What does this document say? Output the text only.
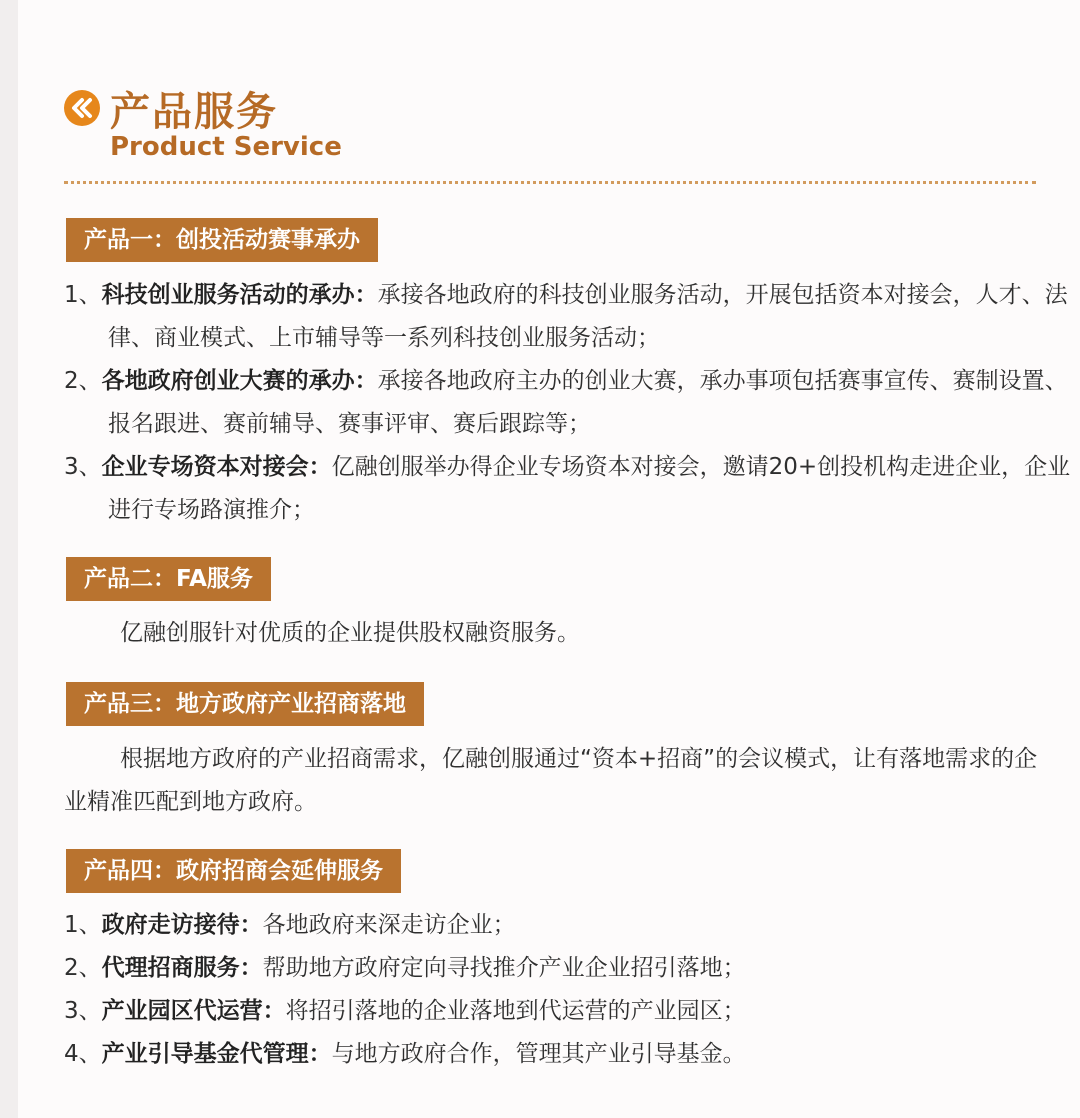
产品服务
Product Service
产品一：创投活动赛事承办
1、科技创业服务活动的承办：承接各地政府的科技创业服务活动，开展包括资本对接会，人才、法律、商业模式、上市辅导等一系列科技创业服务活动；
2、各地政府创业大赛的承办：承接各地政府主办的创业大赛，承办事项包括赛事宣传、赛制设置、报名跟进、赛前辅导、赛事评审、赛后跟踪等；
3、企业专场资本对接会：亿融创服举办得企业专场资本对接会，邀请20+创投机构走进企业，企业进行专场路演推介；
产品二：FA服务
亿融创服针对优质的企业提供股权融资服务。
产品三：地方政府产业招商落地
根据地方政府的产业招商需求，亿融创服通过“资本+招商”的会议模式，让有落地需求的企业精准匹配到地方政府。
产品四：政府招商会延伸服务
1、政府走访接待：各地政府来深走访企业；
2、代理招商服务：帮助地方政府定向寻找推介产业企业招引落地；
3、产业园区代运营：将招引落地的企业落地到代运营的产业园区；
4、产业引导基金代管理：与地方政府合作，管理其产业引导基金。
